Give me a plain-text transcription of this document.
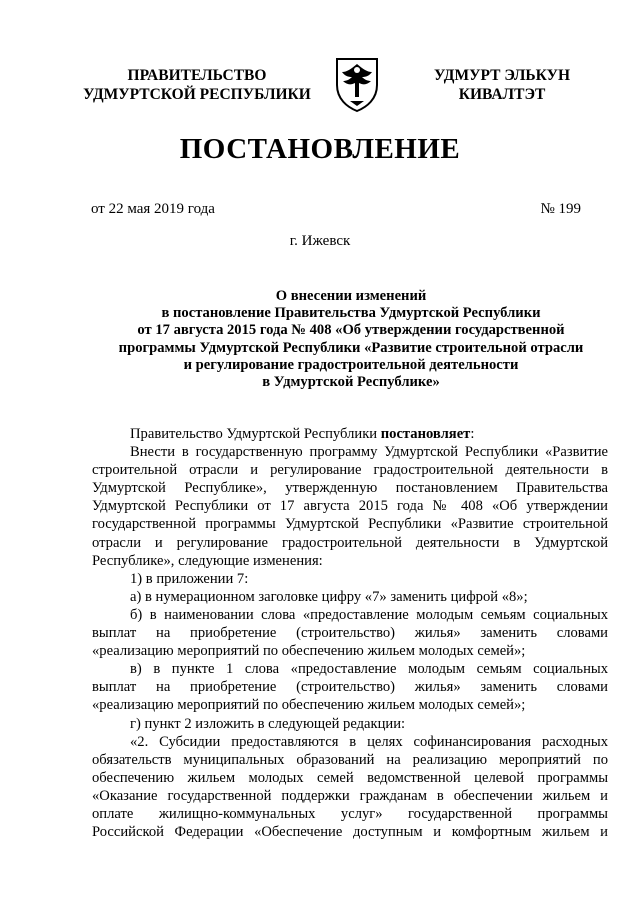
ПРАВИТЕЛЬСТВО
УДМУРТСКОЙ РЕСПУБЛИКИ
УДМУРТ ЭЛЬКУН
КИВАЛТЭТ
ПОСТАНОВЛЕНИЕ
от 22 мая 2019 года	№ 199
г. Ижевск
О внесении изменений
в постановление Правительства Удмуртской Республики
от 17 августа 2015 года № 408 «Об утверждении государственной
программы Удмуртской Республики «Развитие строительной отрасли
и регулирование градостроительной деятельности
в Удмуртской Республике»
Правительство Удмуртской Республики постановляет:
Внести в государственную программу Удмуртской Республики «Развитие
строительной отрасли и регулирование градостроительной деятельности в
Удмуртской Республике», утвержденную постановлением Правительства
Удмуртской Республики от 17 августа 2015 года № 408 «Об утверждении
государственной программы Удмуртской Республики «Развитие строительной
отрасли и регулирование градостроительной деятельности в Удмуртской
Республике», следующие изменения:
1) в приложении 7:
а) в нумерационном заголовке цифру «7» заменить цифрой «8»;
б) в наименовании слова «предоставление молодым семьям социальных
выплат на приобретение (строительство) жилья» заменить словами
«реализацию мероприятий по обеспечению жильем молодых семей»;
в) в пункте 1 слова «предоставление молодым семьям социальных
выплат на приобретение (строительство) жилья» заменить словами
«реализацию мероприятий по обеспечению жильем молодых семей»;
г) пункт 2 изложить в следующей редакции:
«2. Субсидии предоставляются в целях софинансирования расходных
обязательств муниципальных образований на реализацию мероприятий по
обеспечению жильем молодых семей ведомственной целевой программы
«Оказание государственной поддержки гражданам в обеспечении жильем и
оплате жилищно-коммунальных услуг» государственной программы
Российской Федерации «Обеспечение доступным и комфортным жильем и
